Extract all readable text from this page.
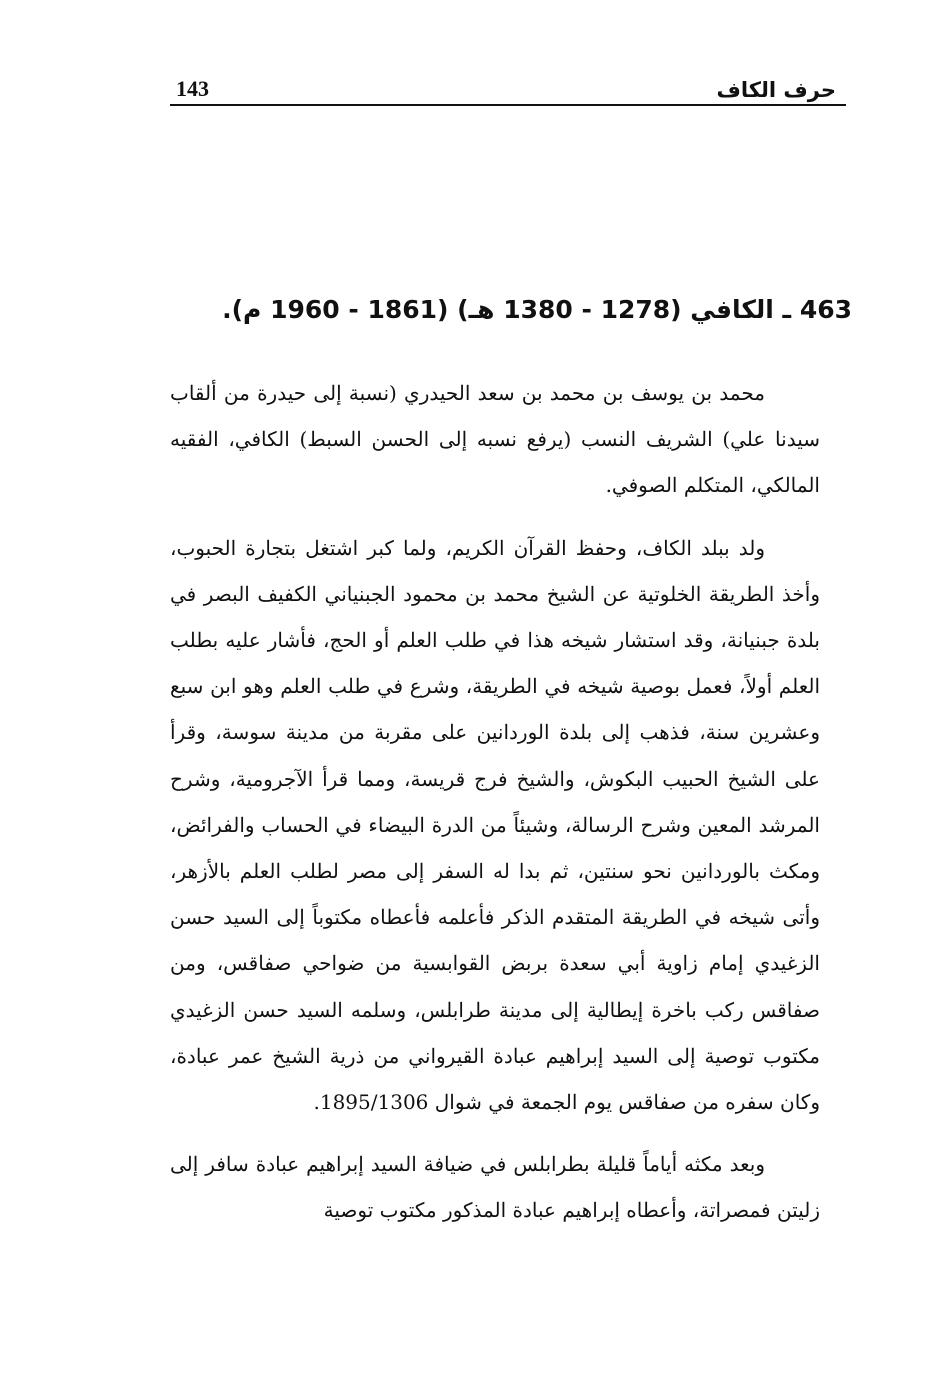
حرف الكاف
143
463 ـ الكافي (1278 - 1380 هـ) (1861 - 1960 م).

محمد بن يوسف بن محمد بن سعد الحيدري (نسبة إلى حيدرة من ألقاب سيدنا علي) الشريف النسب (يرفع نسبه إلى الحسن السبط) الكافي، الفقيه المالكي، المتكلم الصوفي.

ولد ببلد الكاف، وحفظ القرآن الكريم، ولما كبر اشتغل بتجارة الحبوب، وأخذ الطريقة الخلوتية عن الشيخ محمد بن محمود الجبنياني الكفيف البصر في بلدة جبنيانة، وقد استشار شيخه هذا في طلب العلم أو الحج، فأشار عليه بطلب العلم أولاً، فعمل بوصية شيخه في الطريقة، وشرع في طلب العلم وهو ابن سبع وعشرين سنة، فذهب إلى بلدة الوردانين على مقربة من مدينة سوسة، وقرأ على الشيخ الحبيب البكوش، والشيخ فرج قريسة، ومما قرأ الآجرومية، وشرح المرشد المعين وشرح الرسالة، وشيئاً من الدرة البيضاء في الحساب والفرائض، ومكث بالوردانين نحو سنتين، ثم بدا له السفر إلى مصر لطلب العلم بالأزهر، وأتى شيخه في الطريقة المتقدم الذكر فأعلمه فأعطاه مكتوباً إلى السيد حسن الزغيدي إمام زاوية أبي سعدة بربض القوابسية من ضواحي صفاقس، ومن صفاقس ركب باخرة إيطالية إلى مدينة طرابلس، وسلمه السيد حسن الزغيدي مكتوب توصية إلى السيد إبراهيم عبادة القيرواني من ذرية الشيخ عمر عبادة، وكان سفره من صفاقس يوم الجمعة في شوال 1895/1306.

وبعد مكثه أياماً قليلة بطرابلس في ضيافة السيد إبراهيم عبادة سافر إلى زليتن فمصراتة، وأعطاه إبراهيم عبادة المذكور مكتوب توصية
